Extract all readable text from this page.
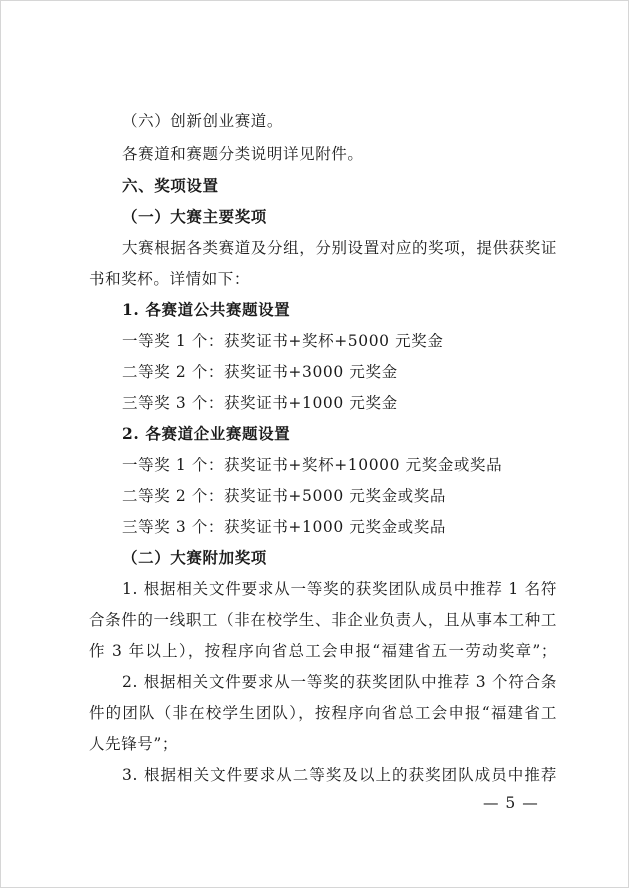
（六）创新创业赛道。
各赛道和赛题分类说明详见附件。
六、奖项设置
（一）大赛主要奖项
大赛根据各类赛道及分组，分别设置对应的奖项，提供获奖证
书和奖杯。详情如下：
1. 各赛道公共赛题设置
一等奖 1 个：获奖证书+奖杯+5000 元奖金
二等奖 2 个：获奖证书+3000 元奖金
三等奖 3 个：获奖证书+1000 元奖金
2. 各赛道企业赛题设置
一等奖 1 个：获奖证书+奖杯+10000 元奖金或奖品
二等奖 2 个：获奖证书+5000 元奖金或奖品
三等奖 3 个：获奖证书+1000 元奖金或奖品
（二）大赛附加奖项
1. 根据相关文件要求从一等奖的获奖团队成员中推荐 1 名符
合条件的一线职工（非在校学生、非企业负责人，且从事本工种工
作 3 年以上），按程序向省总工会申报“福建省五一劳动奖章”；
2. 根据相关文件要求从一等奖的获奖团队中推荐 3 个符合条
件的团队（非在校学生团队），按程序向省总工会申报“福建省工
人先锋号”；
3. 根据相关文件要求从二等奖及以上的获奖团队成员中推荐
— 5 —
